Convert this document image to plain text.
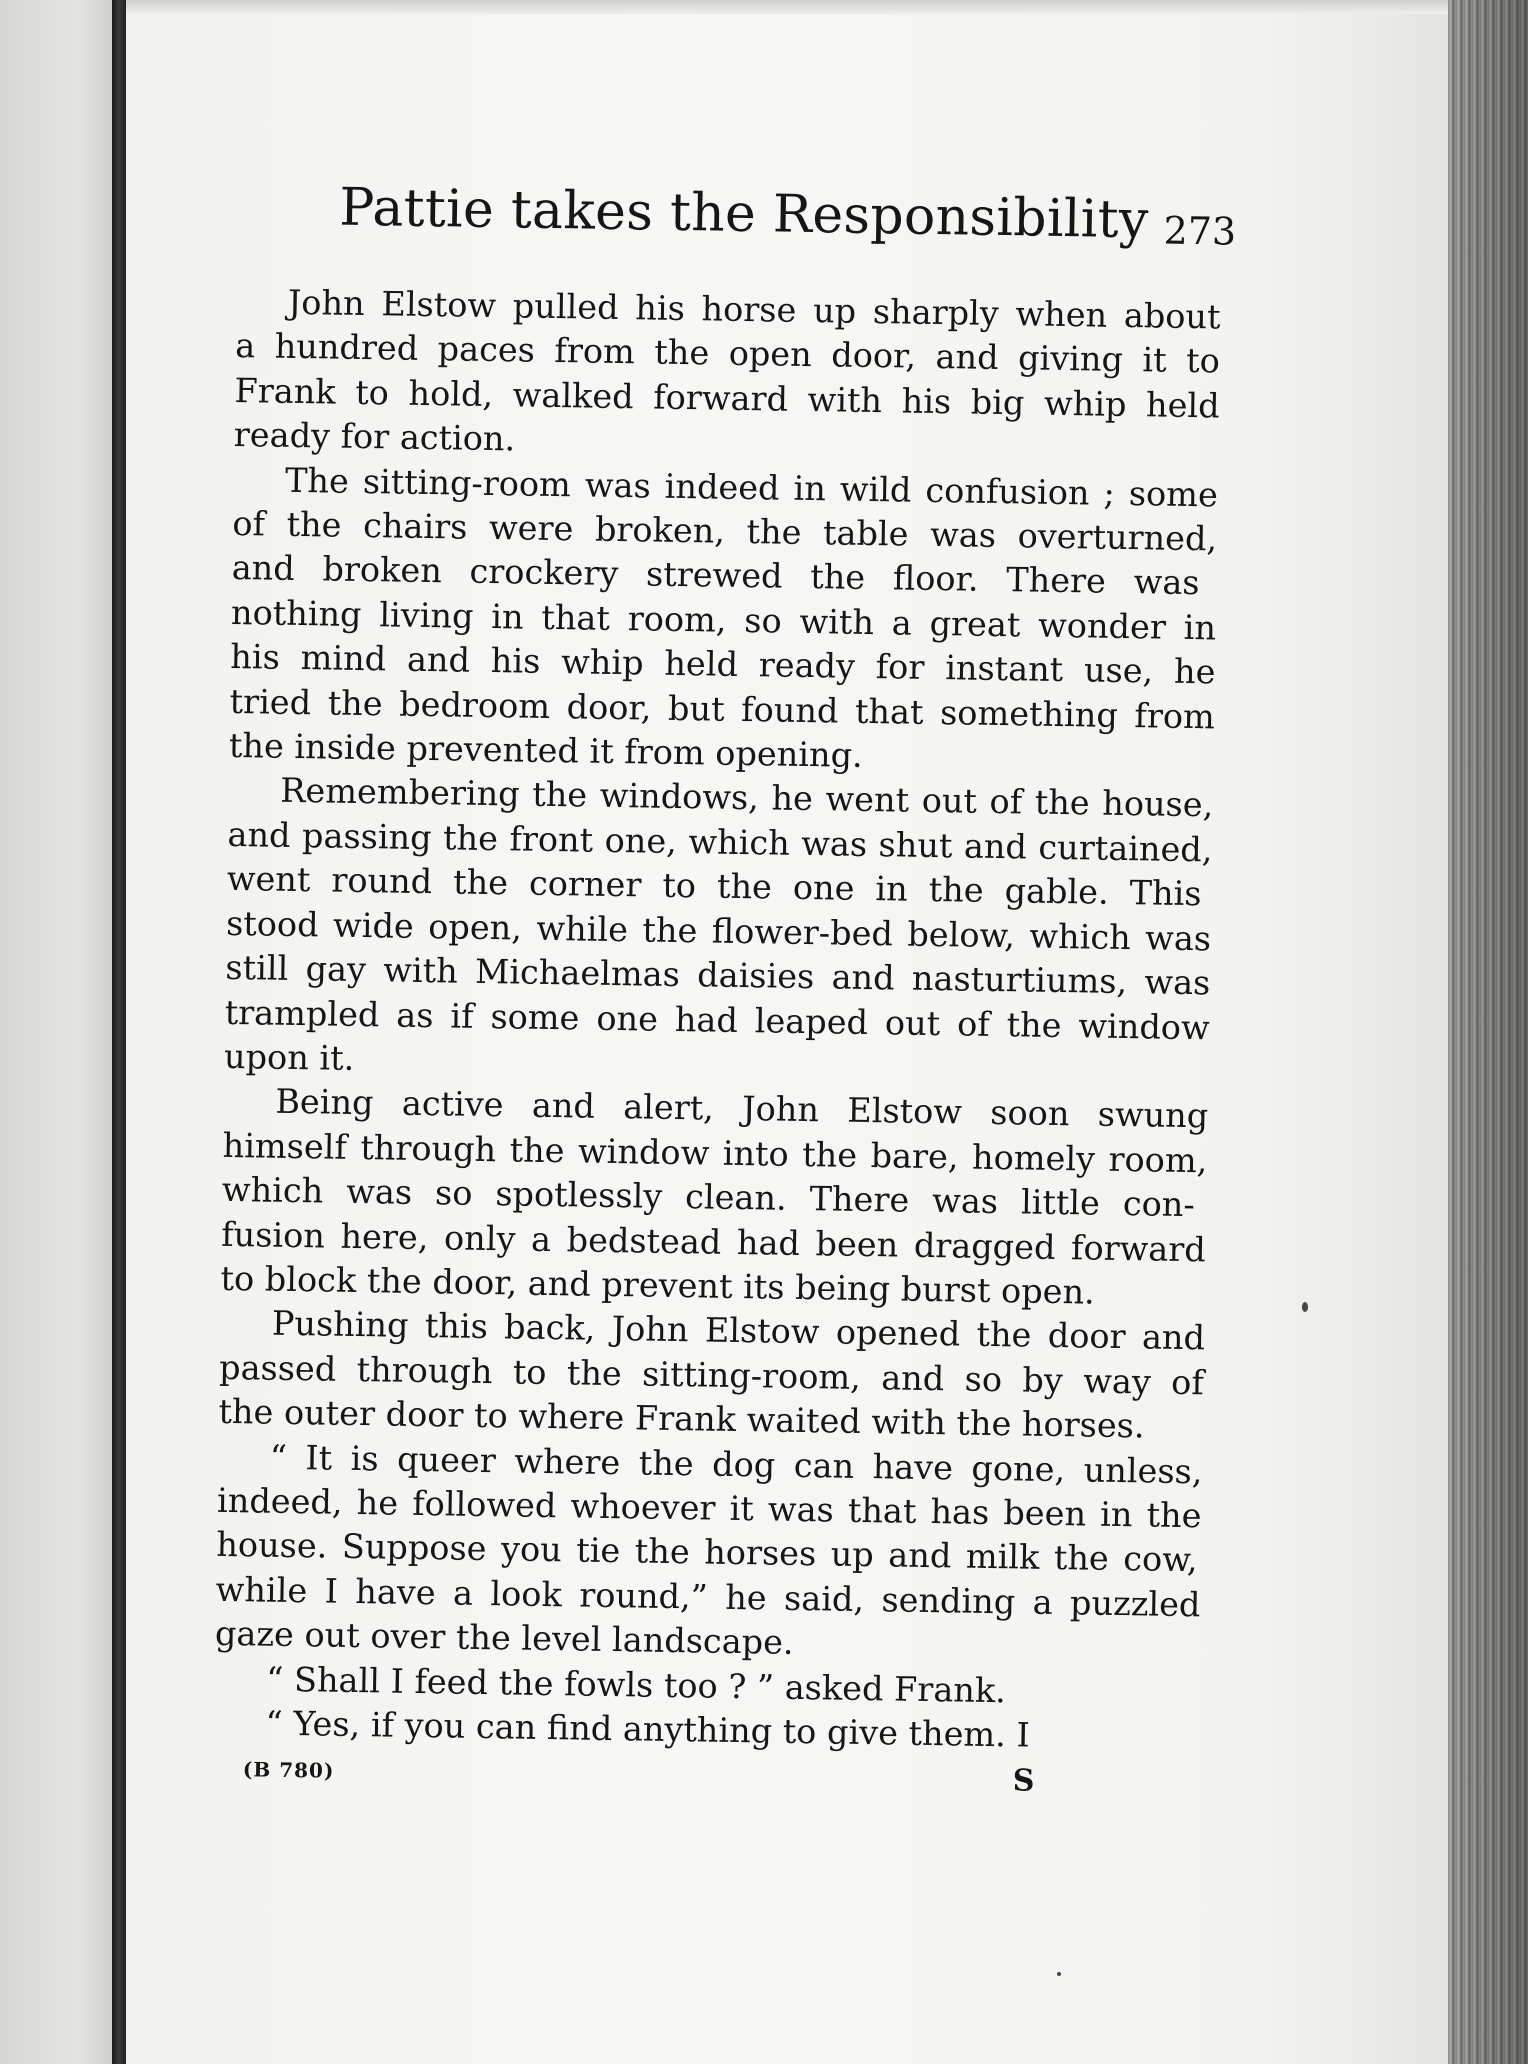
Pattie takes the Responsibility 273

John Elstow pulled his horse up sharply when about

a hundred paces from the open door, and giving it to

Frank to hold, walked forward with his big whip held

ready for action.

The sitting-room was indeed in wild confusion ; some

of the chairs were broken, the table was overturned,

and broken crockery strewed the floor. There was

nothing living in that room, so with a great wonder in

his mind and his whip held ready for instant use, he

tried the bedroom door, but found that something from

the inside prevented it from opening.

Remembering the windows, he went out of the house,

and passing the front one, which was shut and curtained,

went round the corner to the one in the gable. This

stood wide open, while the flower-bed below, which was

still gay with Michaelmas daisies and nasturtiums, was

trampled as if some one had leaped out of the window

upon it.

Being active and alert, John Elstow soon swung

himself through the window into the bare, homely room,

which was so spotlessly clean. There was little con-

fusion here, only a bedstead had been dragged forward

to block the door, and prevent its being burst open.

Pushing this back, John Elstow opened the door and

passed through to the sitting-room, and so by way of

the outer door to where Frank waited with the horses.

“ It is queer where the dog can have gone, unless,

indeed, he followed whoever it was that has been in the

house. Suppose you tie the horses up and milk the cow,

while I have a look round,” he said, sending a puzzled

gaze out over the level landscape.

“ Shall I feed the fowls too ? ” asked Frank.

“ Yes, if you can find anything to give them. I

(B 780)	S
